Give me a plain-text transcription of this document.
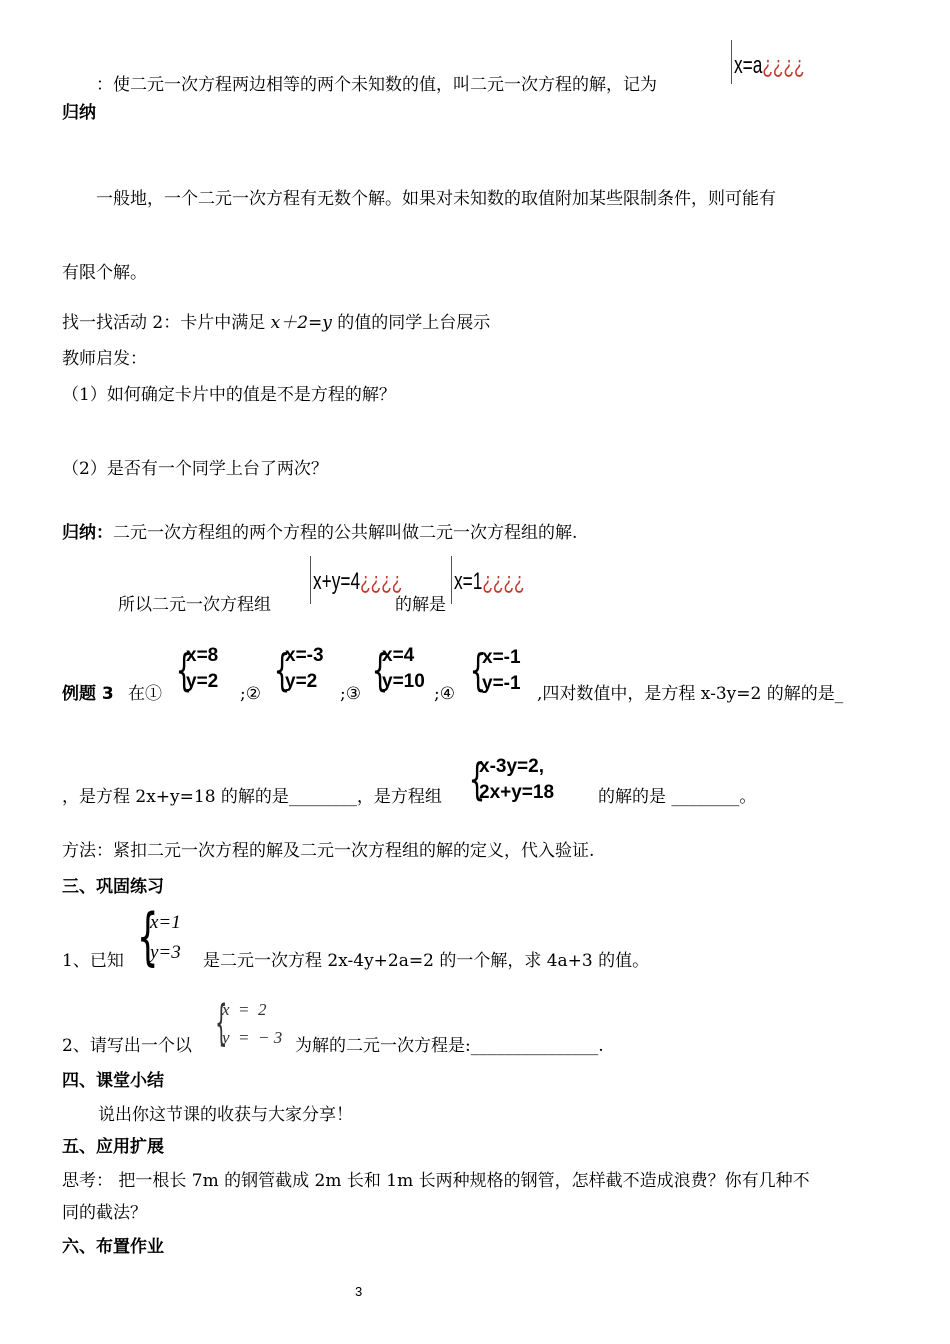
：使二元一次方程两边相等的两个未知数的值，叫二元一次方程的解，记为
x=a¿¿¿¿
归纳
一般地，一个二元一次方程有无数个解。如果对未知数的取值附加某些限制条件，则可能有
有限个解。
找一找活动 2：卡片中满足 x＋2=y 的值的同学上台展示
教师启发：
（1）如何确定卡片中的值是不是方程的解？
（2）是否有一个同学上台了两次？
归纳：二元一次方程组的两个方程的公共解叫做二元一次方程组的解.
所以二元一次方程组
x+y=4¿¿¿¿
的解是
x=1¿¿¿¿
例题 3 在① {
x=8
y=2
;② {
x=-3
y=2
;③ {
x=4
y=10
;④ {
x=-1
y=-1 ,四对数值中，是方程 x-3y=2 的解的是_
，是方程 2x+y=18 的解的是________，是方程组 {
x-3y=2,
2x+y=18	的解的是 ________。
方法：紧扣二元一次方程的解及二元一次方程组的解的定义，代入验证.
三、巩固练习
1、已知 {
x=1
y=3 是二元一次方程 2x-4y+2a=2 的一个解，求 4a+3 的值。
2、请写出一个以 {
x  =  2
y  =  − 3 为解的二元一次方程是:_______________.
四、课堂小结
说出你这节课的收获与大家分享！
五、应用扩展
思考： 把一根长 7m 的钢管截成 2m 长和 1m 长两种规格的钢管，怎样截不造成浪费？你有几种不
同的截法？
六、布置作业
3
